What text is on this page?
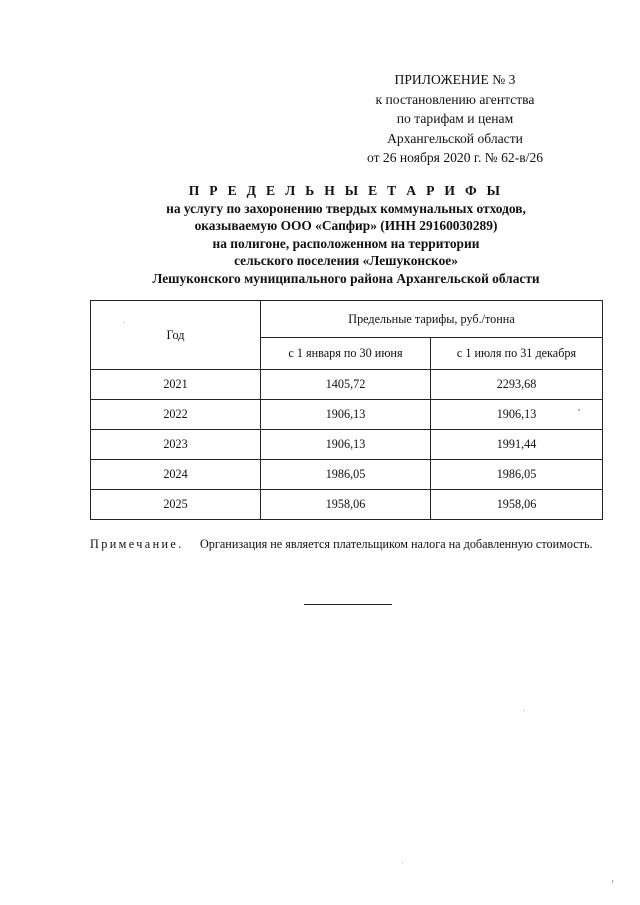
ПРИЛОЖЕНИЕ № 3
к постановлению агентства
по тарифам и ценам
Архангельской области
от 26 ноября 2020 г. № 62-в/26
П Р Е Д Е Л Ь Н Ы Е Т А Р И Ф Ы
на услугу по захоронению твердых коммунальных отходов,
оказываемую ООО «Сапфир» (ИНН 29160030289)
на полигоне, расположенном на территории
сельского поселения «Лешуконское»
Лешуконского муниципального района Архангельской области
Год	Предельные тарифы, руб./тонна	
	с 1 января по 30 июня	с 1 июля по 31 декабря
2021	1405,72	2293,68
2022	1906,13	1906,13
2023	1906,13	1991,44
2024	1986,05	1986,05
2025	1958,06	1958,06
Примечание. Организация не является плательщиком налога на добавленную стоимость.
